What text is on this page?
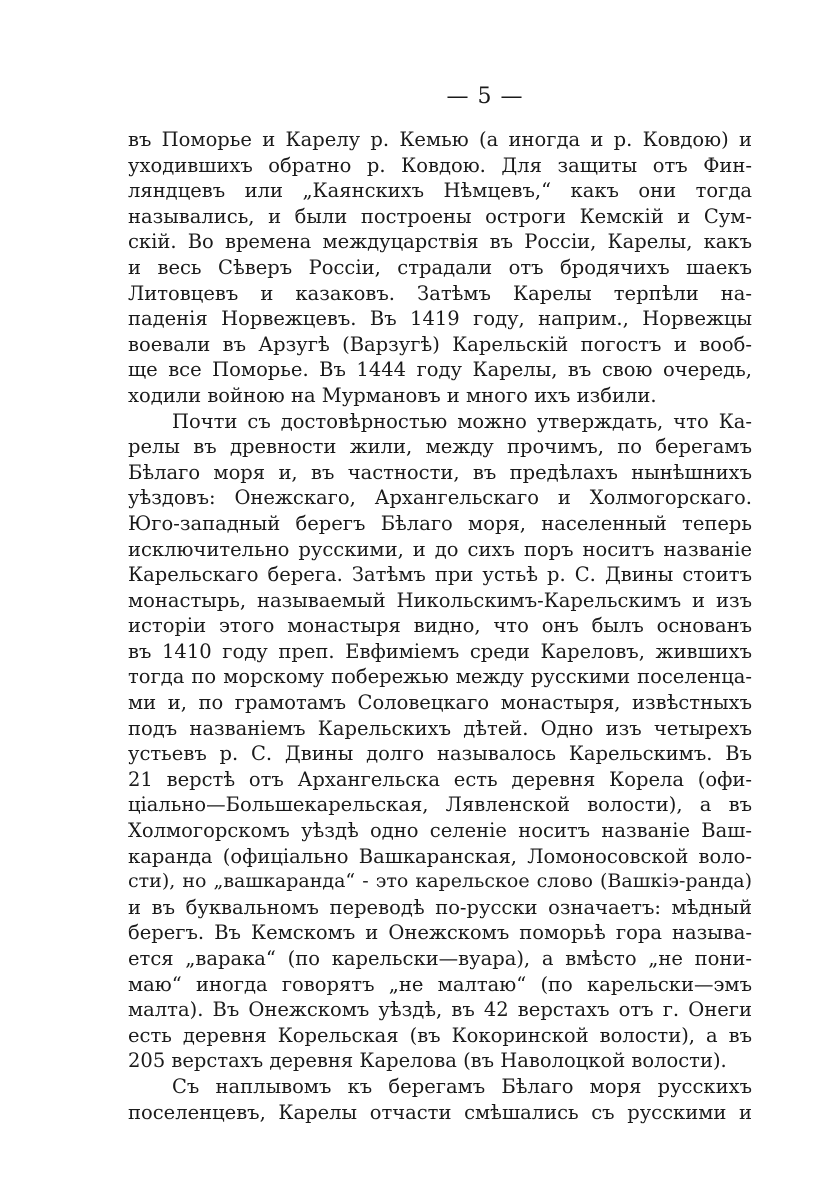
— 5 —
въ Поморье и Карелу р. Кемью (а иногда и р. Ковдою) и
уходившихъ обратно р. Ковдою. Для защиты отъ Фин-
ляндцевъ или „Каянскихъ Нѣмцевъ,“ какъ они тогда
назывались, и были построены остроги Кемскій и Сум-
скій. Во времена междуцарствія въ Россіи, Карелы, какъ
и весь Сѣверъ Россіи, страдали отъ бродячихъ шаекъ
Литовцевъ и казаковъ. Затѣмъ Карелы терпѣли на-
паденія Норвежцевъ. Въ 1419 году, наприм., Норвежцы
воевали въ Арзугѣ (Варзугѣ) Карельскій погостъ и вооб-
ще все Поморье. Въ 1444 году Карелы, въ свою очередь,
ходили войною на Мурмановъ и много ихъ избили.
Почти съ достовѣрностью можно утверждать, что Ка-
релы въ древности жили, между прочимъ, по берегамъ
Бѣлаго моря и, въ частности, въ предѣлахъ нынѣшнихъ
уѣздовъ: Онежскаго, Архангельскаго и Холмогорскаго.
Юго-западный берегъ Бѣлаго моря, населенный теперь
исключительно русскими, и до сихъ поръ носитъ названіе
Карельскаго берега. Затѣмъ при устьѣ р. С. Двины стоитъ
монастырь, называемый Никольскимъ-Карельскимъ и изъ
исторіи этого монастыря видно, что онъ былъ основанъ
въ 1410 году преп. Евфиміемъ среди Кареловъ, жившихъ
тогда по морскому побережью между русскими поселенца-
ми и, по грамотамъ Соловецкаго монастыря, извѣстныхъ
подъ названіемъ Карельскихъ дѣтей. Одно изъ четырехъ
устьевъ р. С. Двины долго называлось Карельскимъ. Въ
21 верстѣ отъ Архангельска есть деревня Корела (офи-
ціально—Большекарельская, Лявленской волости), а въ
Холмогорскомъ уѣздѣ одно селеніе носитъ названіе Ваш-
каранда (офиціально Вашкаранская, Ломоносовской воло-
сти), но „вашкаранда“ - это карельское слово (Вашкіэ-ранда)
и въ буквальномъ переводѣ по-русски означаетъ: мѣдный
берегъ. Въ Кемскомъ и Онежскомъ поморьѣ гора называ-
ется „варака“ (по карельски—вуара), а вмѣсто „не пони-
маю“ иногда говорятъ „не малтаю“ (по карельски—эмъ
малта). Въ Онежскомъ уѣздѣ, въ 42 верстахъ отъ г. Онеги
есть деревня Корельская (въ Кокоринской волости), а въ
205 верстахъ деревня Карелова (въ Наволоцкой волости).
Съ наплывомъ къ берегамъ Бѣлаго моря русскихъ
поселенцевъ, Карелы отчасти смѣшались съ русскими и
